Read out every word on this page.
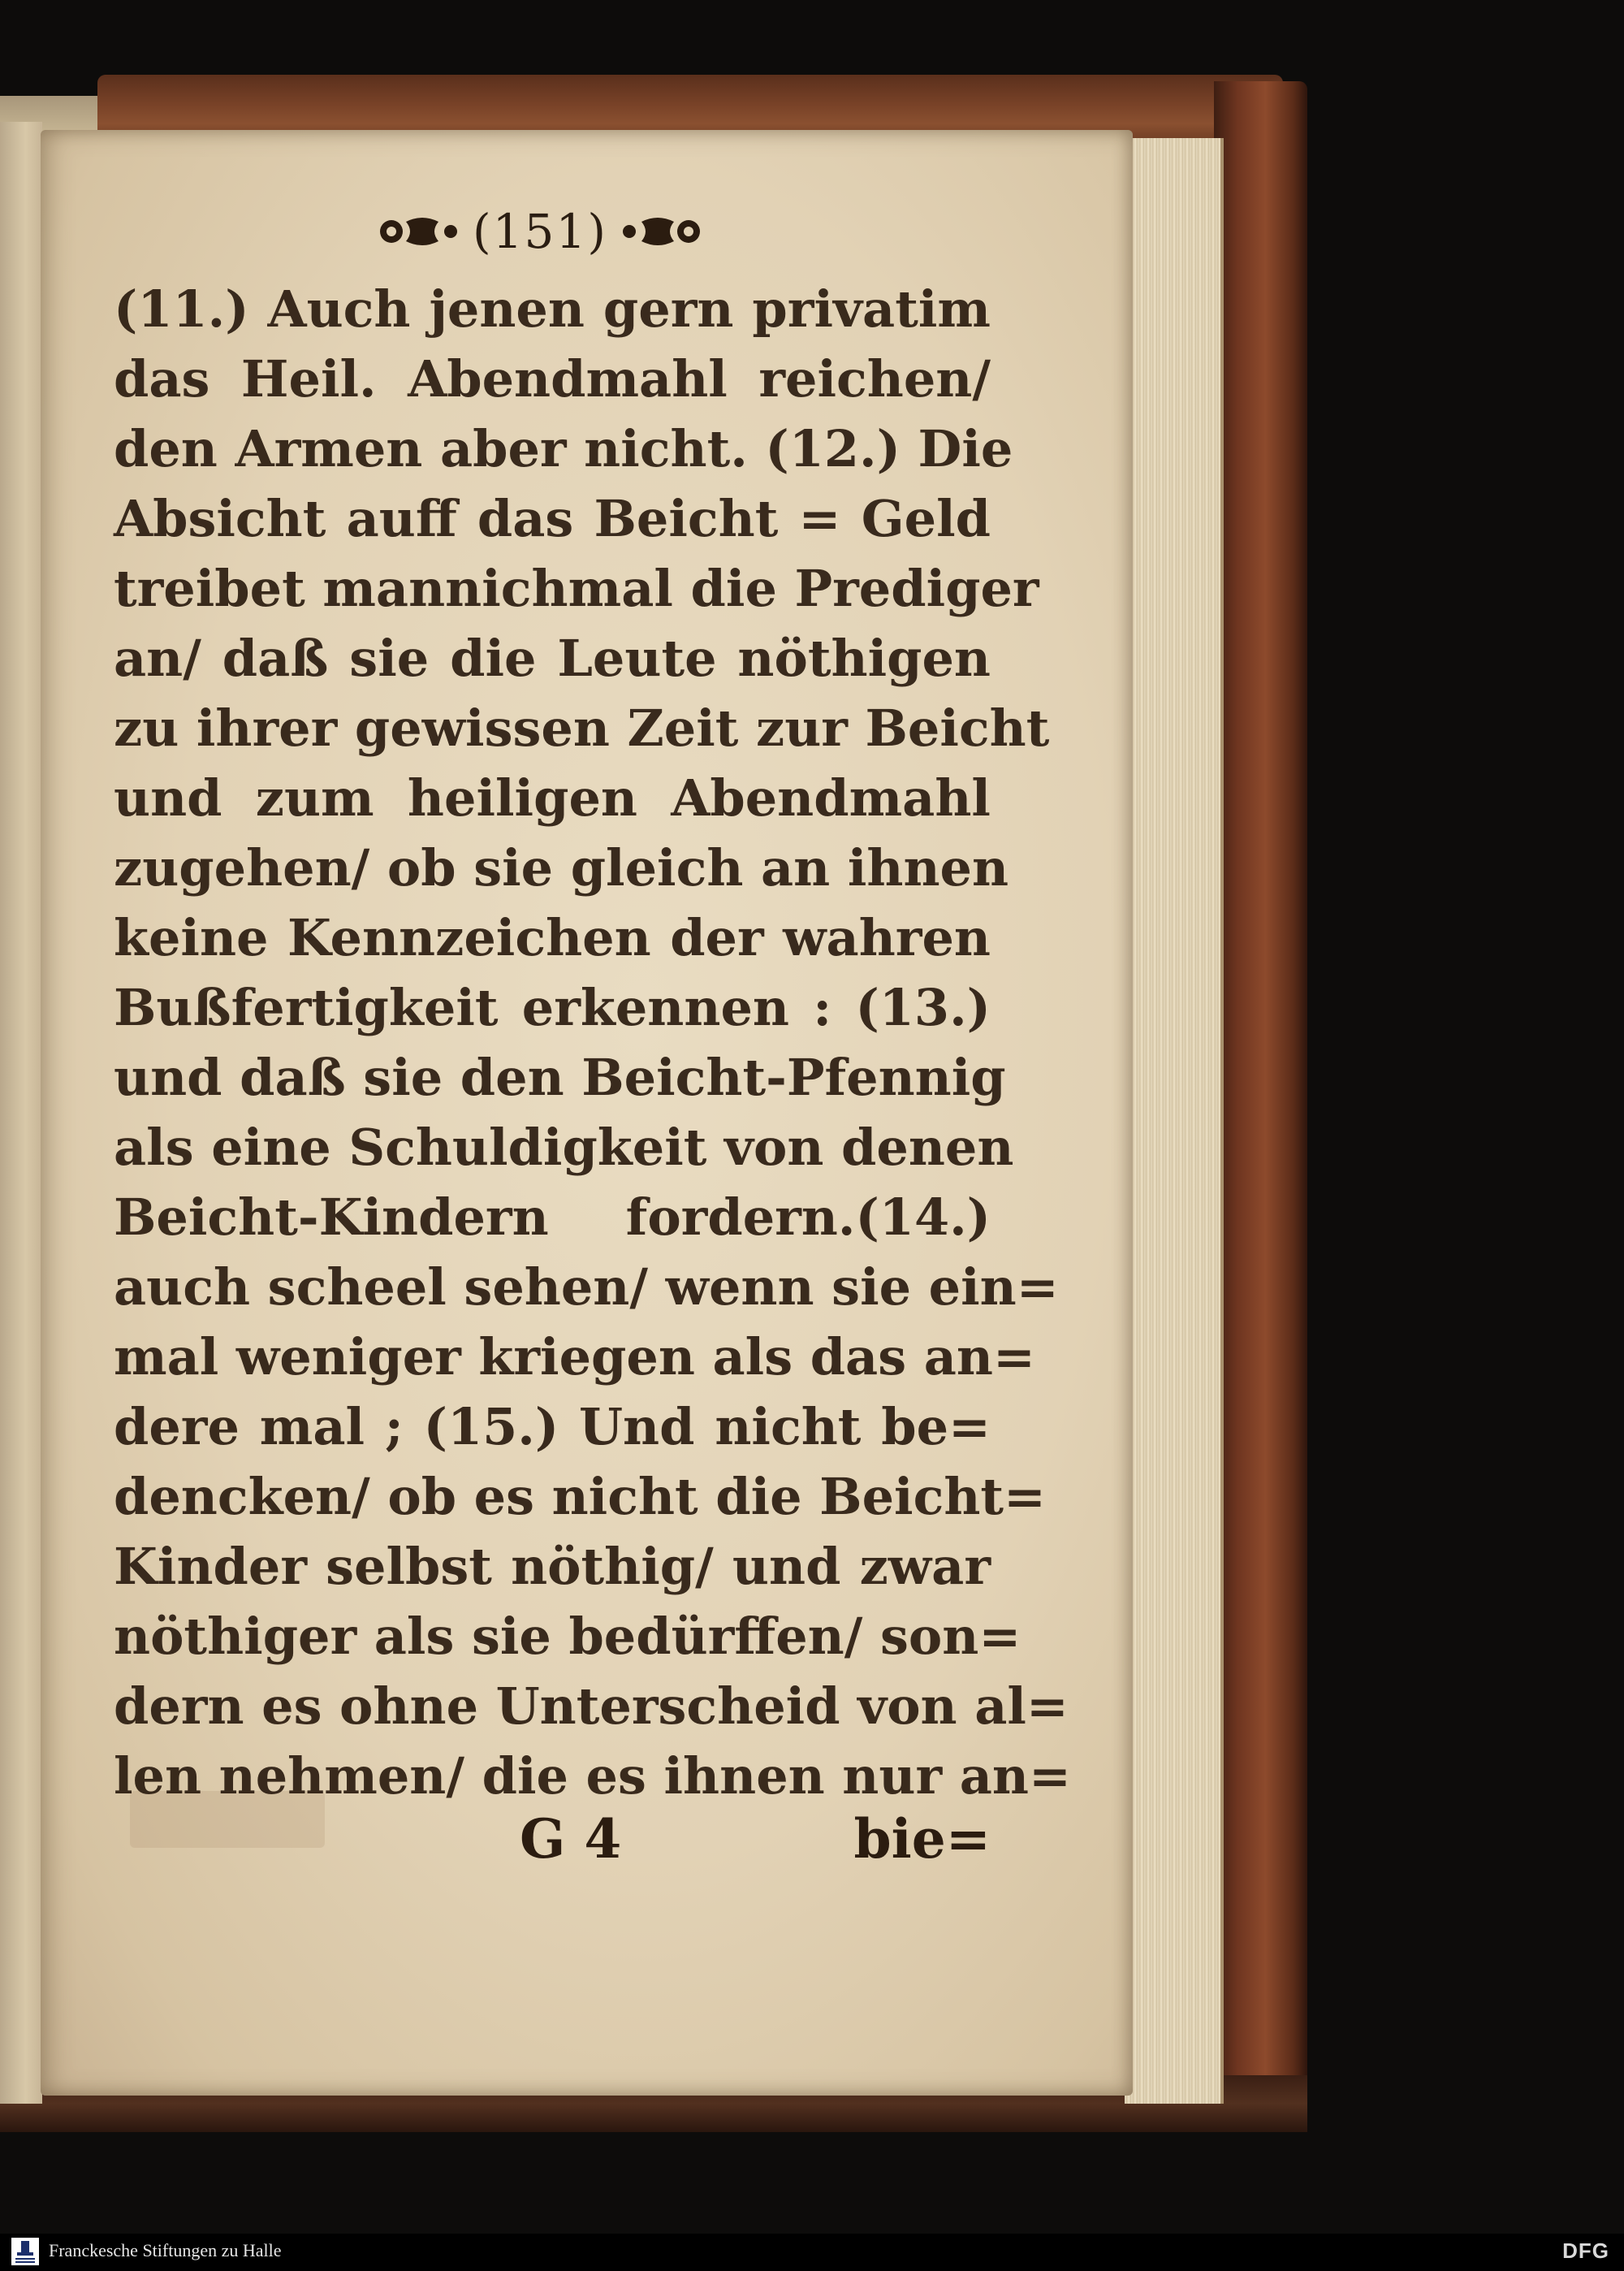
(151)
(11.) Auch jenen gern privatim
das Heil. Abendmahl reichen/
den Armen aber nicht. (12.) Die
Absicht auff das Beicht = Geld
treibet mannichmal die Prediger
an/ daß sie die Leute nöthigen
zu ihrer gewissen Zeit zur Beicht
und zum heiligen Abendmahl
zugehen/ ob sie gleich an ihnen
keine Kennzeichen der wahren
Bußfertigkeit erkennen : (13.)
und daß sie den Beicht-Pfennig
als eine Schuldigkeit von denen
Beicht-Kindern fordern.(14.)
auch scheel sehen/ wenn sie ein=
mal weniger kriegen als das an=
dere mal ; (15.) Und nicht be=
dencken/ ob es nicht die Beicht=
Kinder selbst nöthig/ und zwar
nöthiger als sie bedürffen/ son=
dern es ohne Unterscheid von al=
len nehmen/ die es ihnen nur an=
G 4	bie=
Franckesche Stiftungen zu Halle	DFG
